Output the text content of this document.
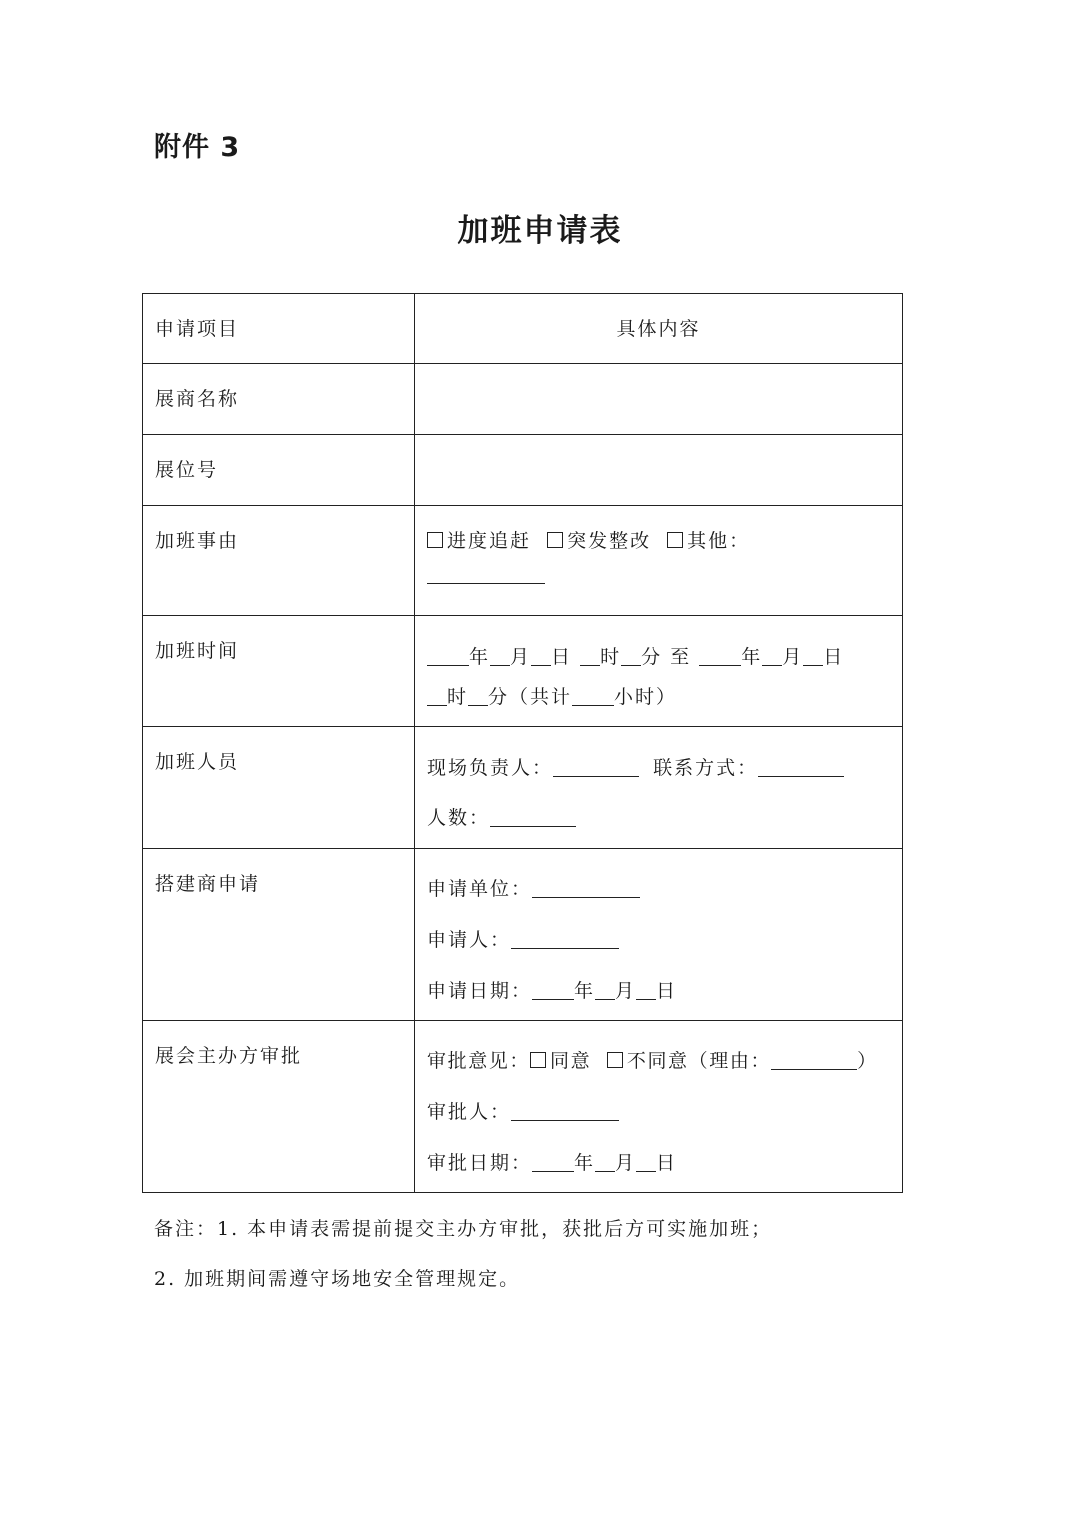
附件 3
加班申请表
申请项目	具体内容

展商名称	

展位号	

加班事由	进度追赶 突发整改 其他：

加班时间	年 月 日 时 分 至 年 月 日
时 分（共计 小时）

加班人员	现场负责人： 联系方式：
人数：

搭建商申请	申请单位：
申请人：
申请日期： 年 月 日

展会主办方审批	审批意见： 同意 不同意（理由： ）
审批人：
审批日期： 年 月 日
备注：1. 本申请表需提前提交主办方审批，获批后方可实施加班；
2. 加班期间需遵守场地安全管理规定。
